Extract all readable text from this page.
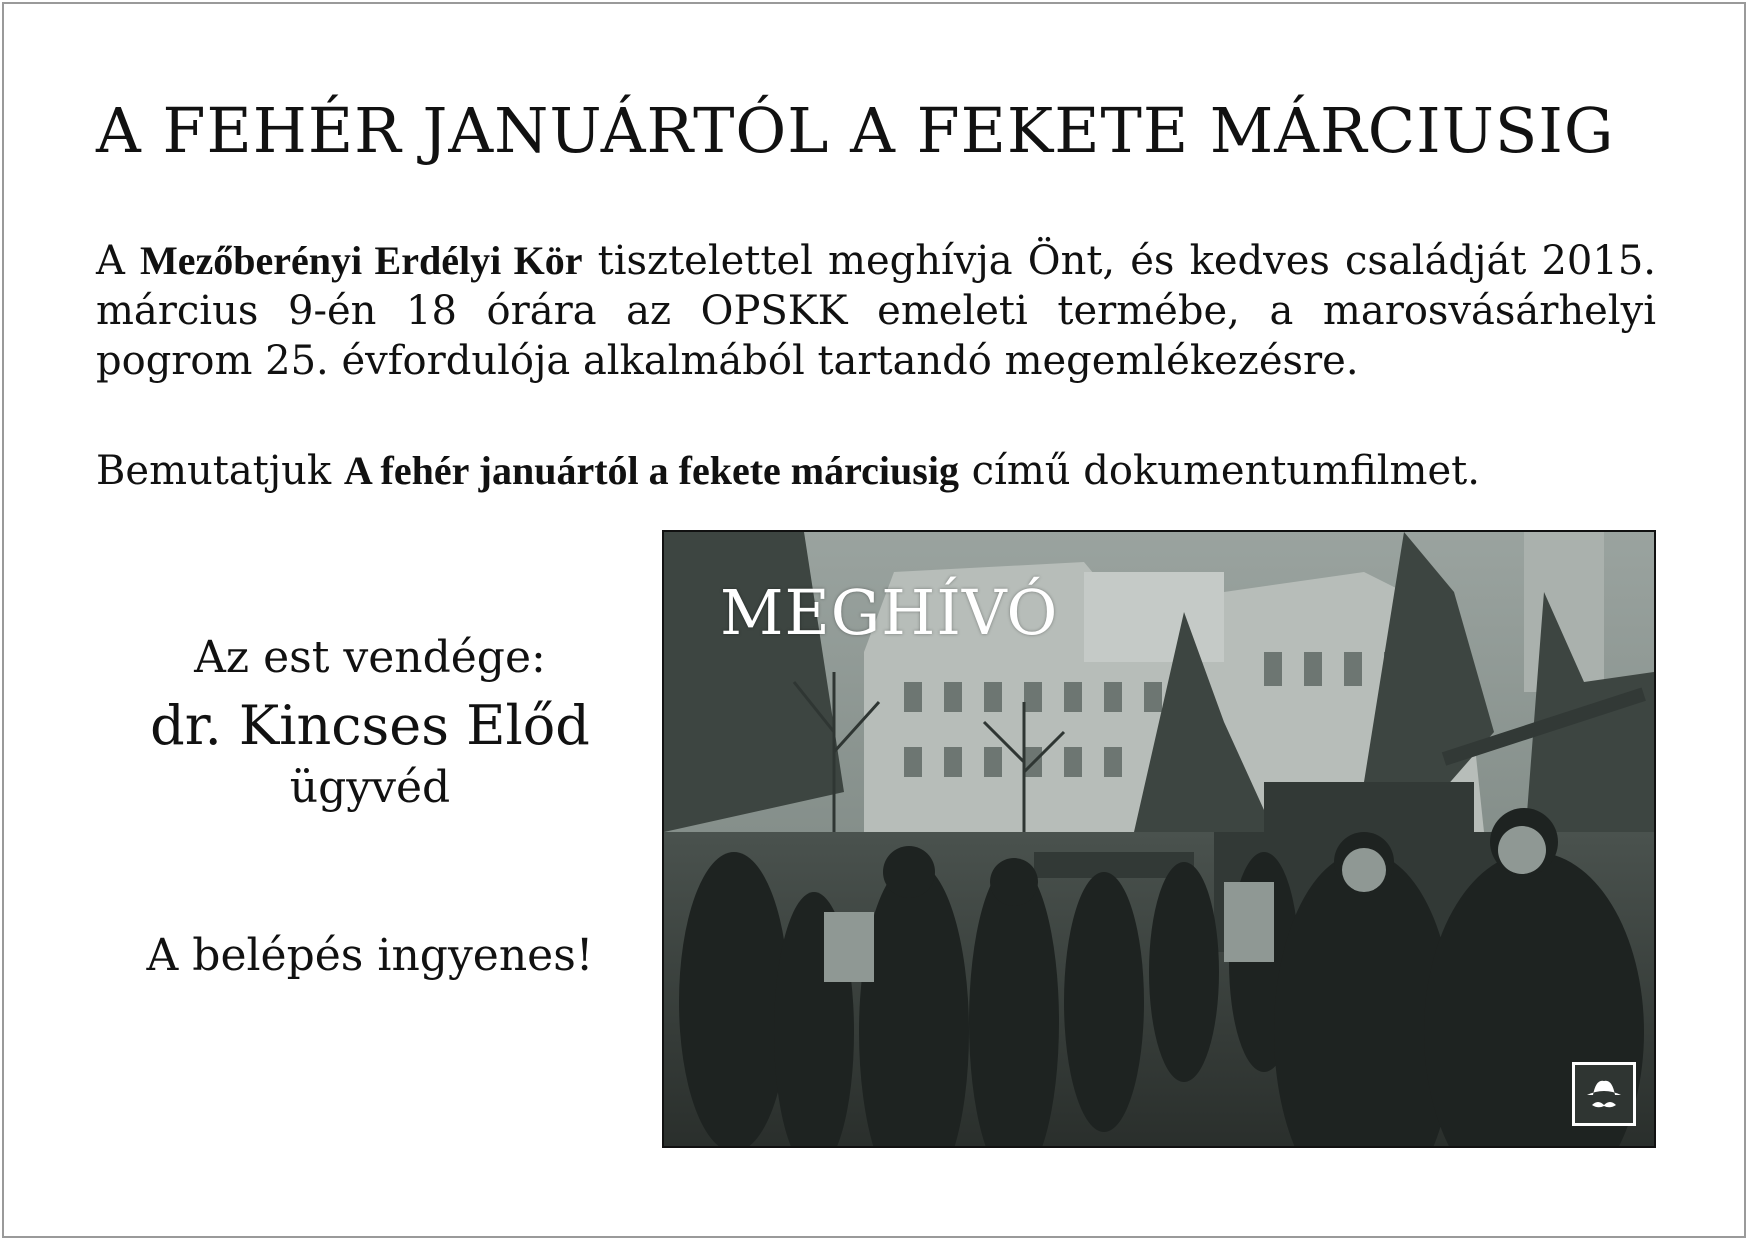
A FEHÉR JANUÁRTÓL A FEKETE MÁRCIUSIG
A Mezőberényi Erdélyi Kör tisztelettel meghívja Önt, és kedves családját 2015. március 9-én 18 órára az OPSKK emeleti termébe, a marosvásárhelyi pogrom 25. évfordulója alkalmából tartandó megemlékezésre.
Bemutatjuk A fehér januártól a fekete márciusig című dokumentumfilmet.
Az est vendége:
dr. Kincses Előd
ügyvéd
A belépés ingyenes!
MEGHÍVÓ
